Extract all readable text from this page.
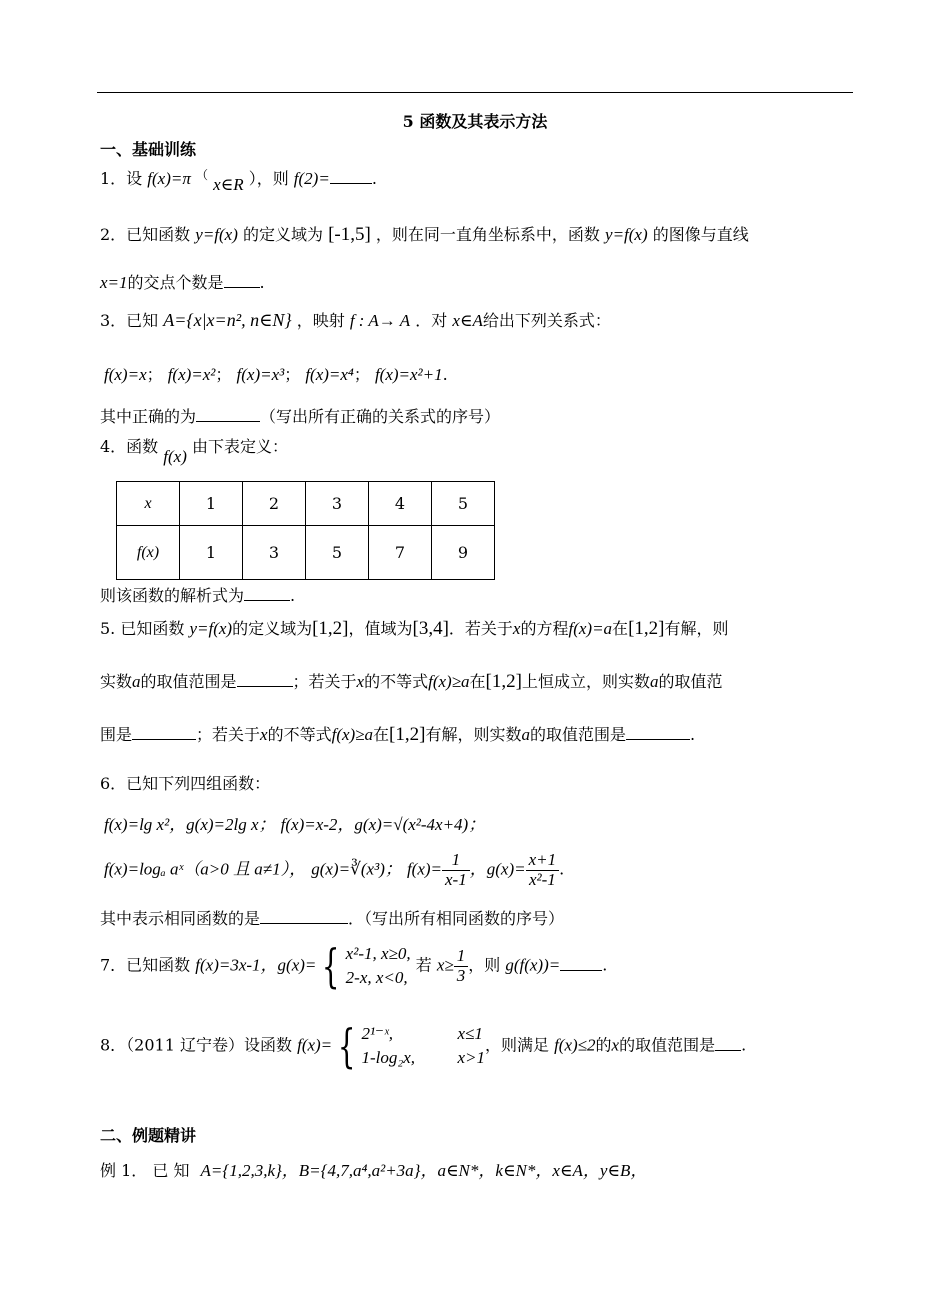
5 函数及其表示方法
一、基础训练
1．设 f(x)=π （ x∈R ），则 f(2)=	.
2．已知函数 y=f(x) 的定义域为 [-1,5] ，则在同一直角坐标系中，函数 y=f(x) 的图像与直线
x=1的交点个数是 .
3．已知 A={x|x=n², n∈N} ，映射 f : A→ A ．对 x∈A给出下列关系式：
f(x)=x； f(x)=x²； f(x)=x³； f(x)=x⁴； f(x)=x²+1.
其中正确的为	（写出所有正确的关系式的序号）
4．函数 f(x) 由下表定义：
x	1	2	3	4	5
f(x)	1	3	5	7	9
则该函数的解析式为	.
5. 已知函数 y=f(x)的定义域为[1,2]，值域为[3,4]．若关于x的方程f(x)=a在[1,2]有解，则
实数a的取值范围是	；若关于x的不等式f(x)≥a在[1,2]上恒成立，则实数a的取值范
围是	；若关于x的不等式f(x)≥a在[1,2]有解，则实数a的取值范围是	.
6．已知下列四组函数：
f(x)=lg x²，g(x)=2lg x； f(x)=x-2，g(x)=√(x²-4x+4)；
f(x)=logₐ aˣ（a>0 且 a≠1）， g(x)=∛(x³)； $f(x)= \frac{1}{x-1}$ ，$g(x)= \frac{x+1}{\text{x²-1}}$ .
其中表示相同函数的是	．（写出所有相同函数的序号）
7．已知函数 f(x)=3x-1，g(x)= { x²-1, x≥0,
2-x, x<0,
若 $x\ge \frac{1}{3}$ ，则 g(f(x))=	.
8．（2011 辽宁卷）设函数 f(x)= { 2¹⁻ˣ,	x≤1
1-log₂x, x>1
，则满足 f(x)≤2的x的取值范围是 .
二、例题精讲
例 1． 已 知 A={1,2,3,k}，B={4,7,a⁴,a²+3a}，a∈N*，k∈N*，x∈A，y∈B，
